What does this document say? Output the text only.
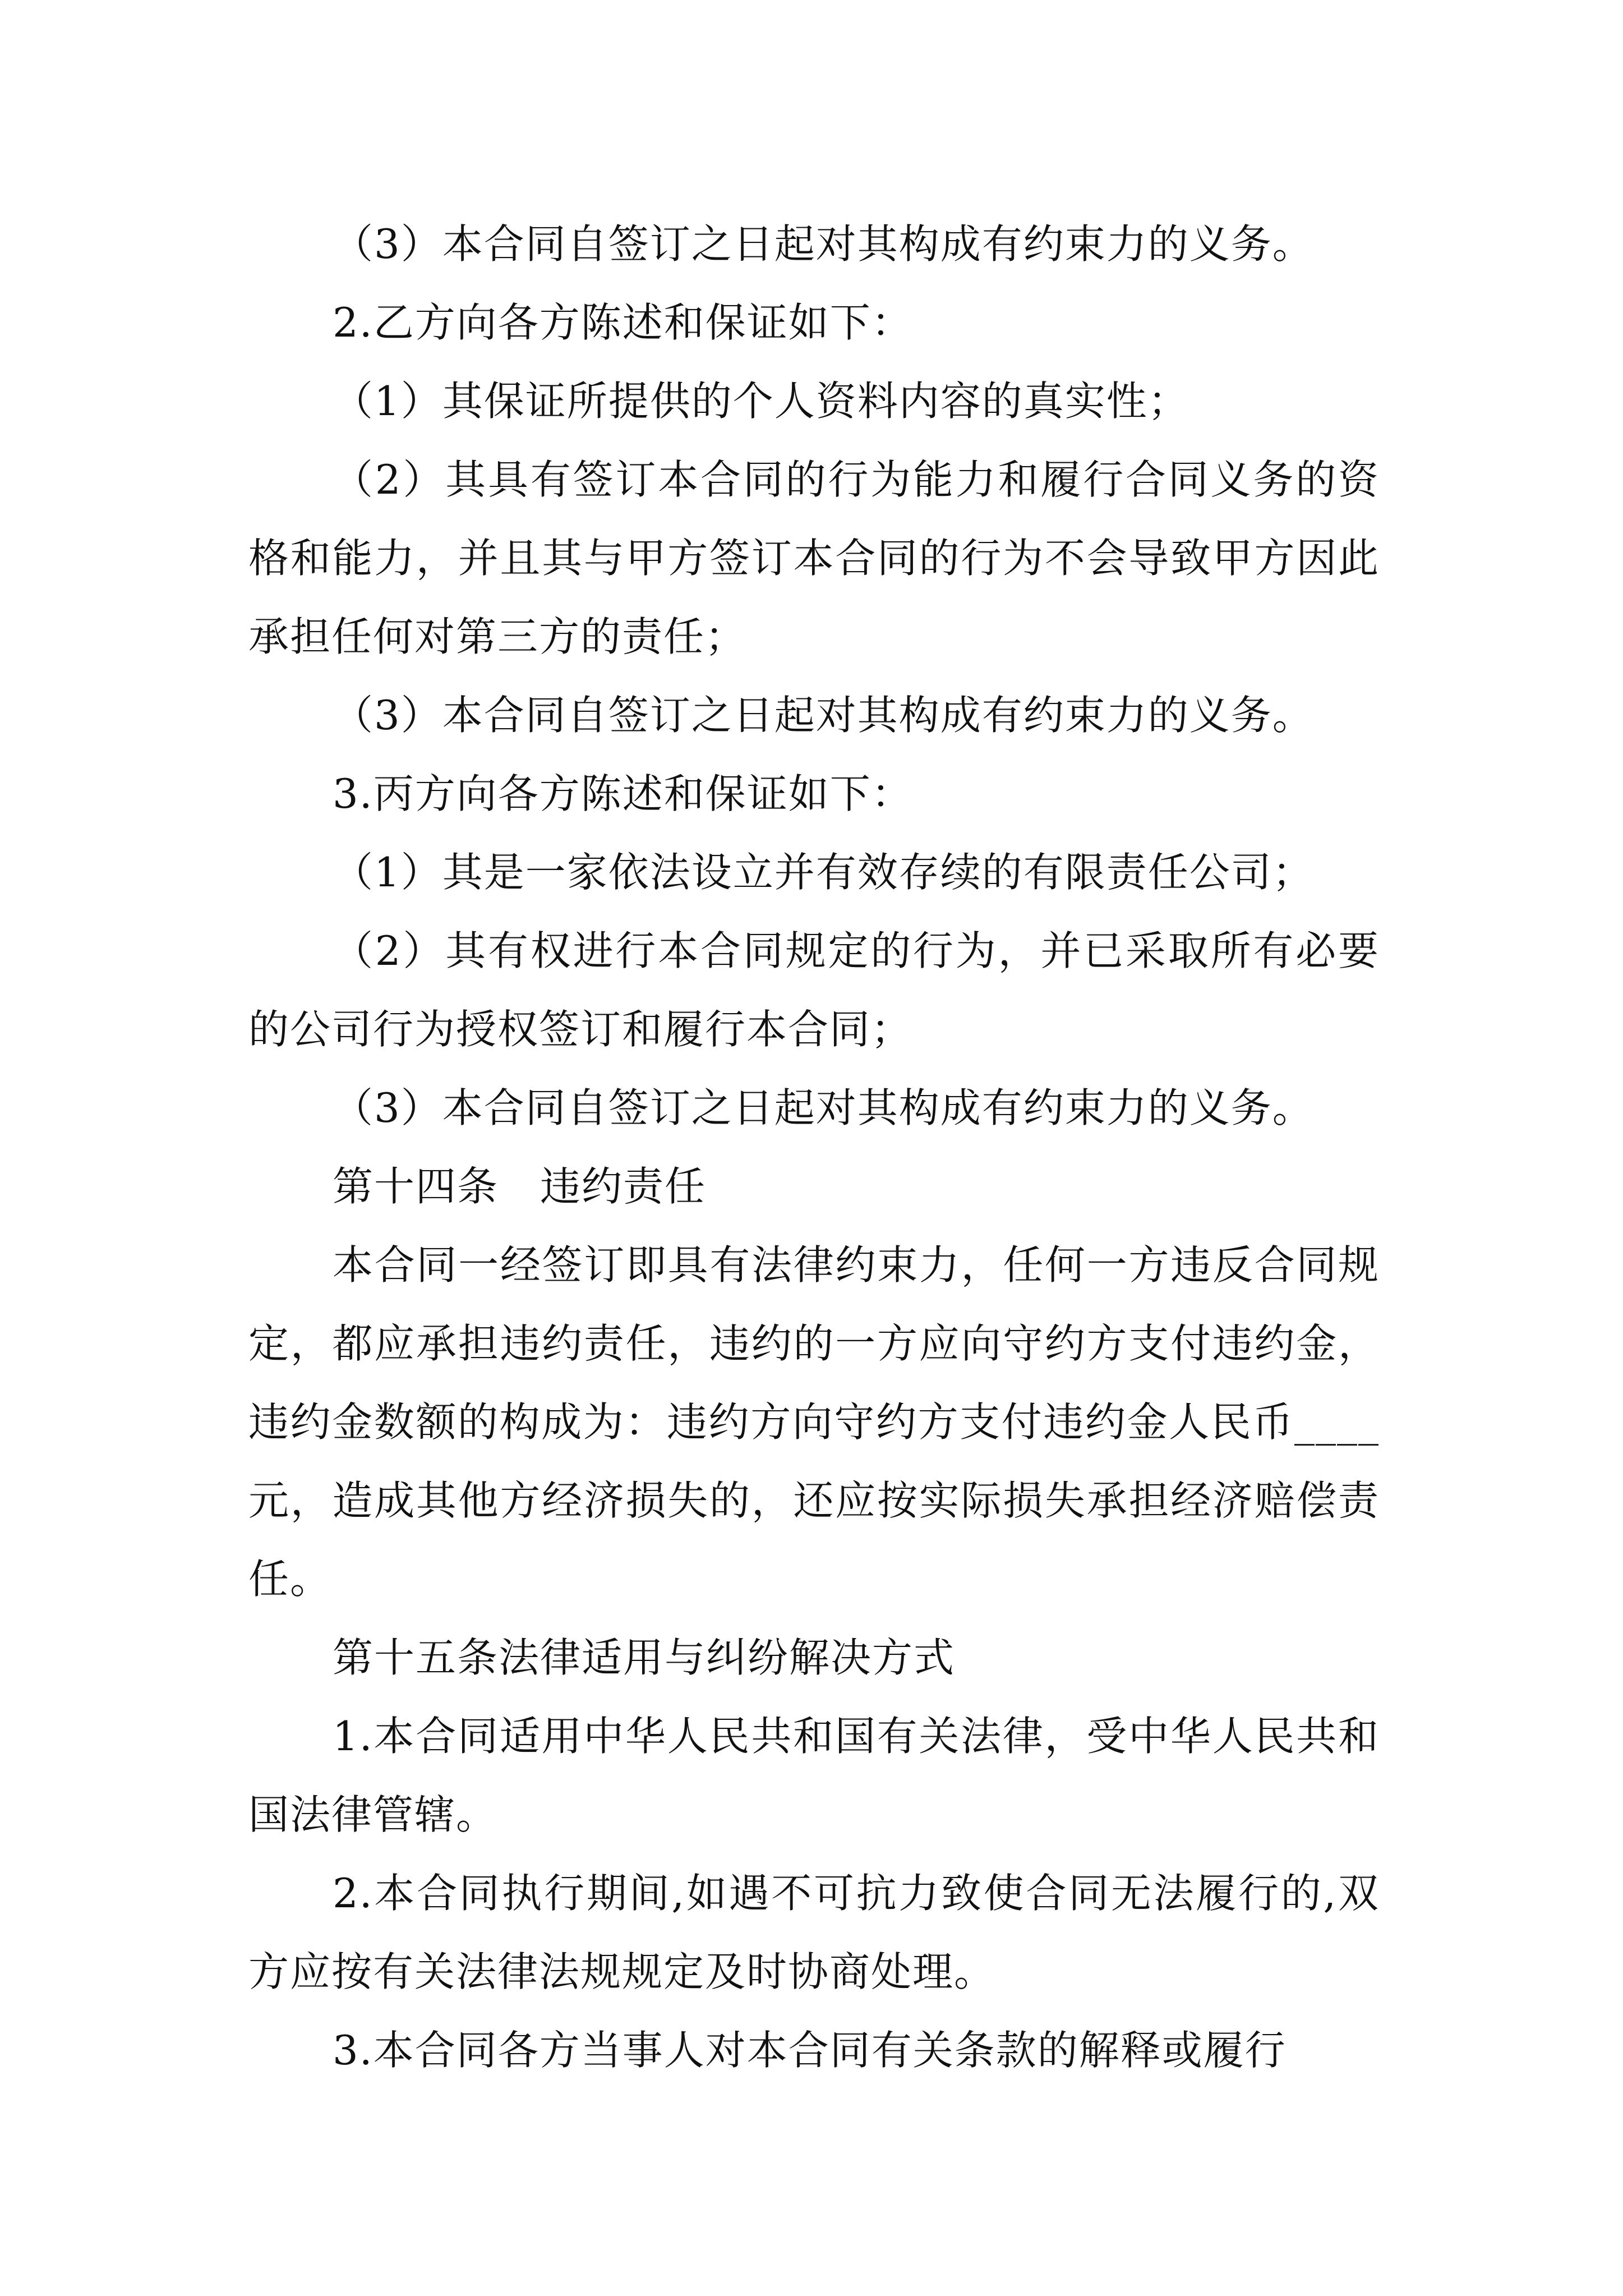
（3）本合同自签订之日起对其构成有约束力的义务。

2.乙方向各方陈述和保证如下：

（1）其保证所提供的个人资料内容的真实性；

（2）其具有签订本合同的行为能力和履行合同义务的资格和能力，并且其与甲方签订本合同的行为不会导致甲方因此承担任何对第三方的责任；

（3）本合同自签订之日起对其构成有约束力的义务。

3.丙方向各方陈述和保证如下：

（1）其是一家依法设立并有效存续的有限责任公司；

（2）其有权进行本合同规定的行为，并已采取所有必要的公司行为授权签订和履行本合同；

（3）本合同自签订之日起对其构成有约束力的义务。

第十四条　违约责任

本合同一经签订即具有法律约束力，任何一方违反合同规定，都应承担违约责任，违约的一方应向守约方支付违约金，违约金数额的构成为：违约方向守约方支付违约金人民币____元，造成其他方经济损失的，还应按实际损失承担经济赔偿责任。

第十五条法律适用与纠纷解决方式

1.本合同适用中华人民共和国有关法律，受中华人民共和国法律管辖。

2.本合同执行期间,如遇不可抗力致使合同无法履行的,双方应按有关法律法规规定及时协商处理。

3.本合同各方当事人对本合同有关条款的解释或履行
